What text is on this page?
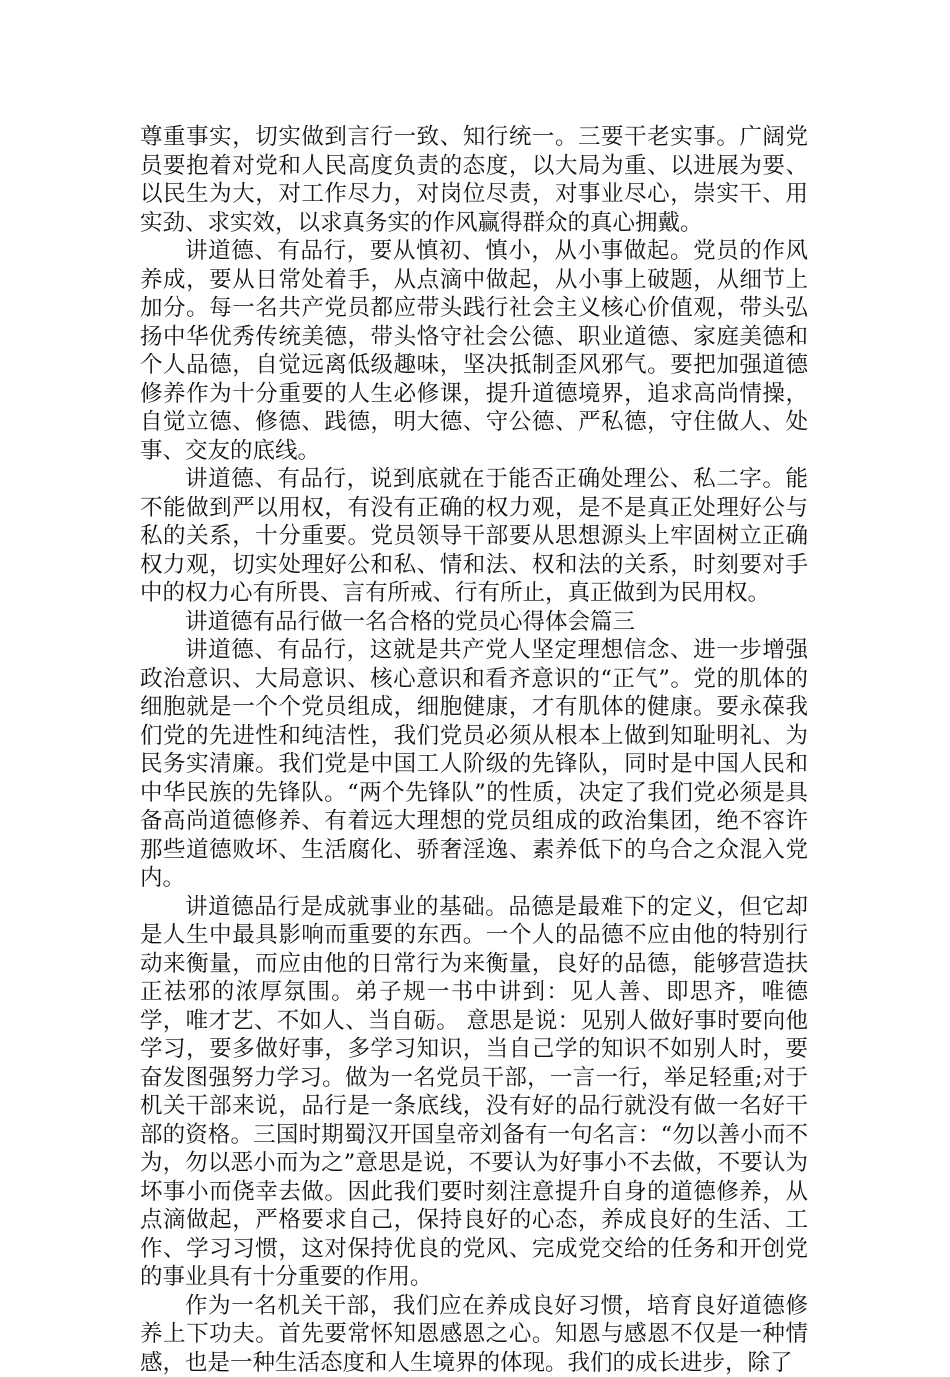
尊重事实，切实做到言行一致、知行统一。三要干老实事。广阔党员要抱着对党和人民高度负责的态度，以大局为重、以进展为要、以民生为大，对工作尽力，对岗位尽责，对事业尽心，崇实干、用实劲、求实效，以求真务实的作风赢得群众的真心拥戴。

讲道德、有品行，要从慎初、慎小，从小事做起。党员的作风养成，要从日常处着手，从点滴中做起，从小事上破题，从细节上加分。每一名共产党员都应带头践行社会主义核心价值观，带头弘扬中华优秀传统美德，带头恪守社会公德、职业道德、家庭美德和个人品德，自觉远离低级趣味，坚决抵制歪风邪气。要把加强道德修养作为十分重要的人生必修课，提升道德境界，追求高尚情操，自觉立德、修德、践德，明大德、守公德、严私德，守住做人、处事、交友的底线。

讲道德、有品行，说到底就在于能否正确处理公、私二字。能不能做到严以用权，有没有正确的权力观，是不是真正处理好公与私的关系，十分重要。党员领导干部要从思想源头上牢固树立正确权力观，切实处理好公和私、情和法、权和法的关系，时刻要对手中的权力心有所畏、言有所戒、行有所止，真正做到为民用权。

讲道德有品行做一名合格的党员心得体会篇三

讲道德、有品行，这就是共产党人坚定理想信念、进一步增强政治意识、大局意识、核心意识和看齐意识的“正气”。党的肌体的细胞就是一个个党员组成，细胞健康，才有肌体的健康。要永葆我们党的先进性和纯洁性，我们党员必须从根本上做到知耻明礼、为民务实清廉。我们党是中国工人阶级的先锋队，同时是中国人民和中华民族的先锋队。“两个先锋队”的性质，决定了我们党必须是具备高尚道德修养、有着远大理想的党员组成的政治集团，绝不容许那些道德败坏、生活腐化、骄奢淫逸、素养低下的乌合之众混入党内。

讲道德品行是成就事业的基础。品德是最难下的定义，但它却是人生中最具影响而重要的东西。一个人的品德不应由他的特别行动来衡量，而应由他的日常行为来衡量，良好的品德，能够营造扶正祛邪的浓厚氛围。弟子规一书中讲到：见人善、即思齐，唯德学，唯才艺、不如人、当自砺。 意思是说：见别人做好事时要向他学习，要多做好事，多学习知识，当自己学的知识不如别人时，要奋发图强努力学习。做为一名党员干部，一言一行，举足轻重;对于机关干部来说，品行是一条底线，没有好的品行就没有做一名好干部的资格。三国时期蜀汉开国皇帝刘备有一句名言：“勿以善小而不为，勿以恶小而为之”意思是说，不要认为好事小不去做，不要认为坏事小而侥幸去做。因此我们要时刻注意提升自身的道德修养，从点滴做起，严格要求自己，保持良好的心态，养成良好的生活、工作、学习习惯，这对保持优良的党风、完成党交给的任务和开创党的事业具有十分重要的作用。

作为一名机关干部，我们应在养成良好习惯，培育良好道德修养上下功夫。首先要常怀知恩感恩之心。知恩与感恩不仅是一种情感，也是一种生活态度和人生境界的体现。我们的成长进步，除了
